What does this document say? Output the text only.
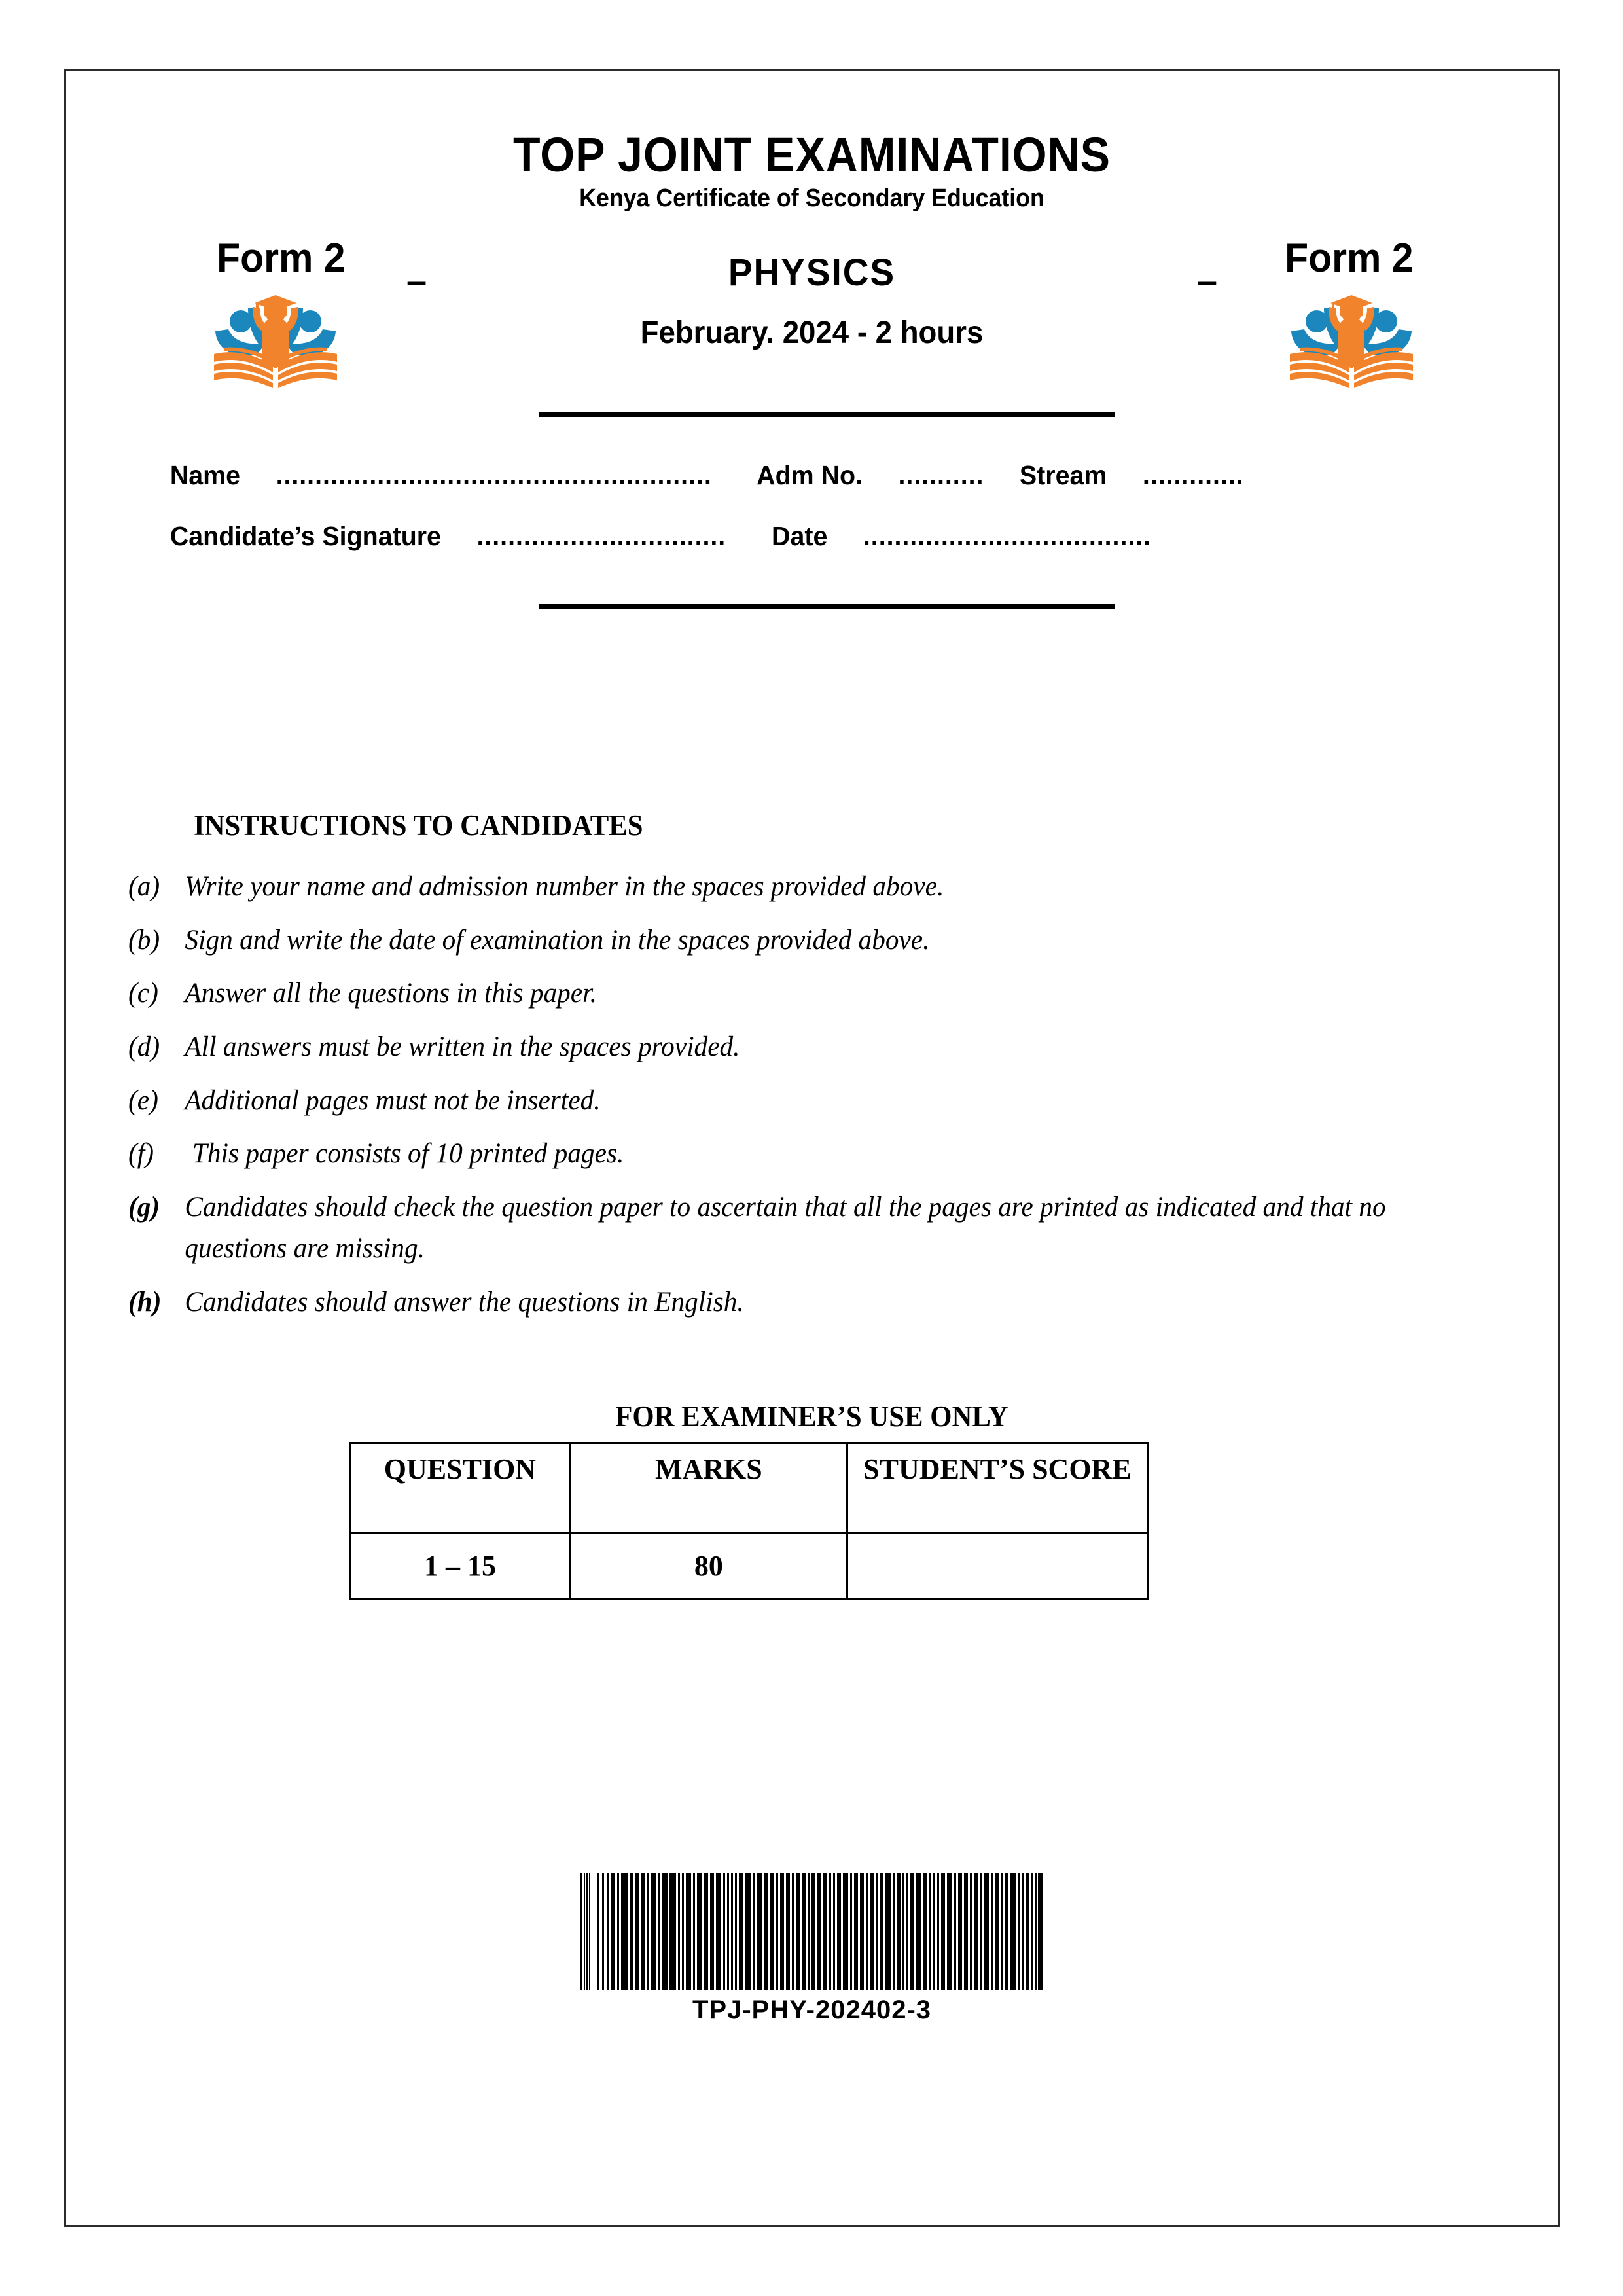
TOP JOINT EXAMINATIONS
Kenya Certificate of Secondary Education
Form 2 –	PHYSICS	– Form 2
February. 2024 - 2 hours
Name ........................................................ Adm No. ........... Stream .............
Candidate’s Signature ................................ Date .....................................
INSTRUCTIONS TO CANDIDATES
(a) Write your name and admission number in the spaces provided above.
(b) Sign and write the date of examination in the spaces provided above.
(c) Answer all the questions in this paper.
(d) All answers must be written in the spaces provided.
(e) Additional pages must not be inserted.
(f)	This paper consists of 10 printed pages.
(g) Candidates should check the question paper to ascertain that all the pages are printed as indicated and that no questions are missing.
(h) Candidates should answer the questions in English.
FOR EXAMINER’S USE ONLY
QUESTION	MARKS	STUDENT’S SCORE
1 – 15	80	
TPJ-PHY-202402-3
